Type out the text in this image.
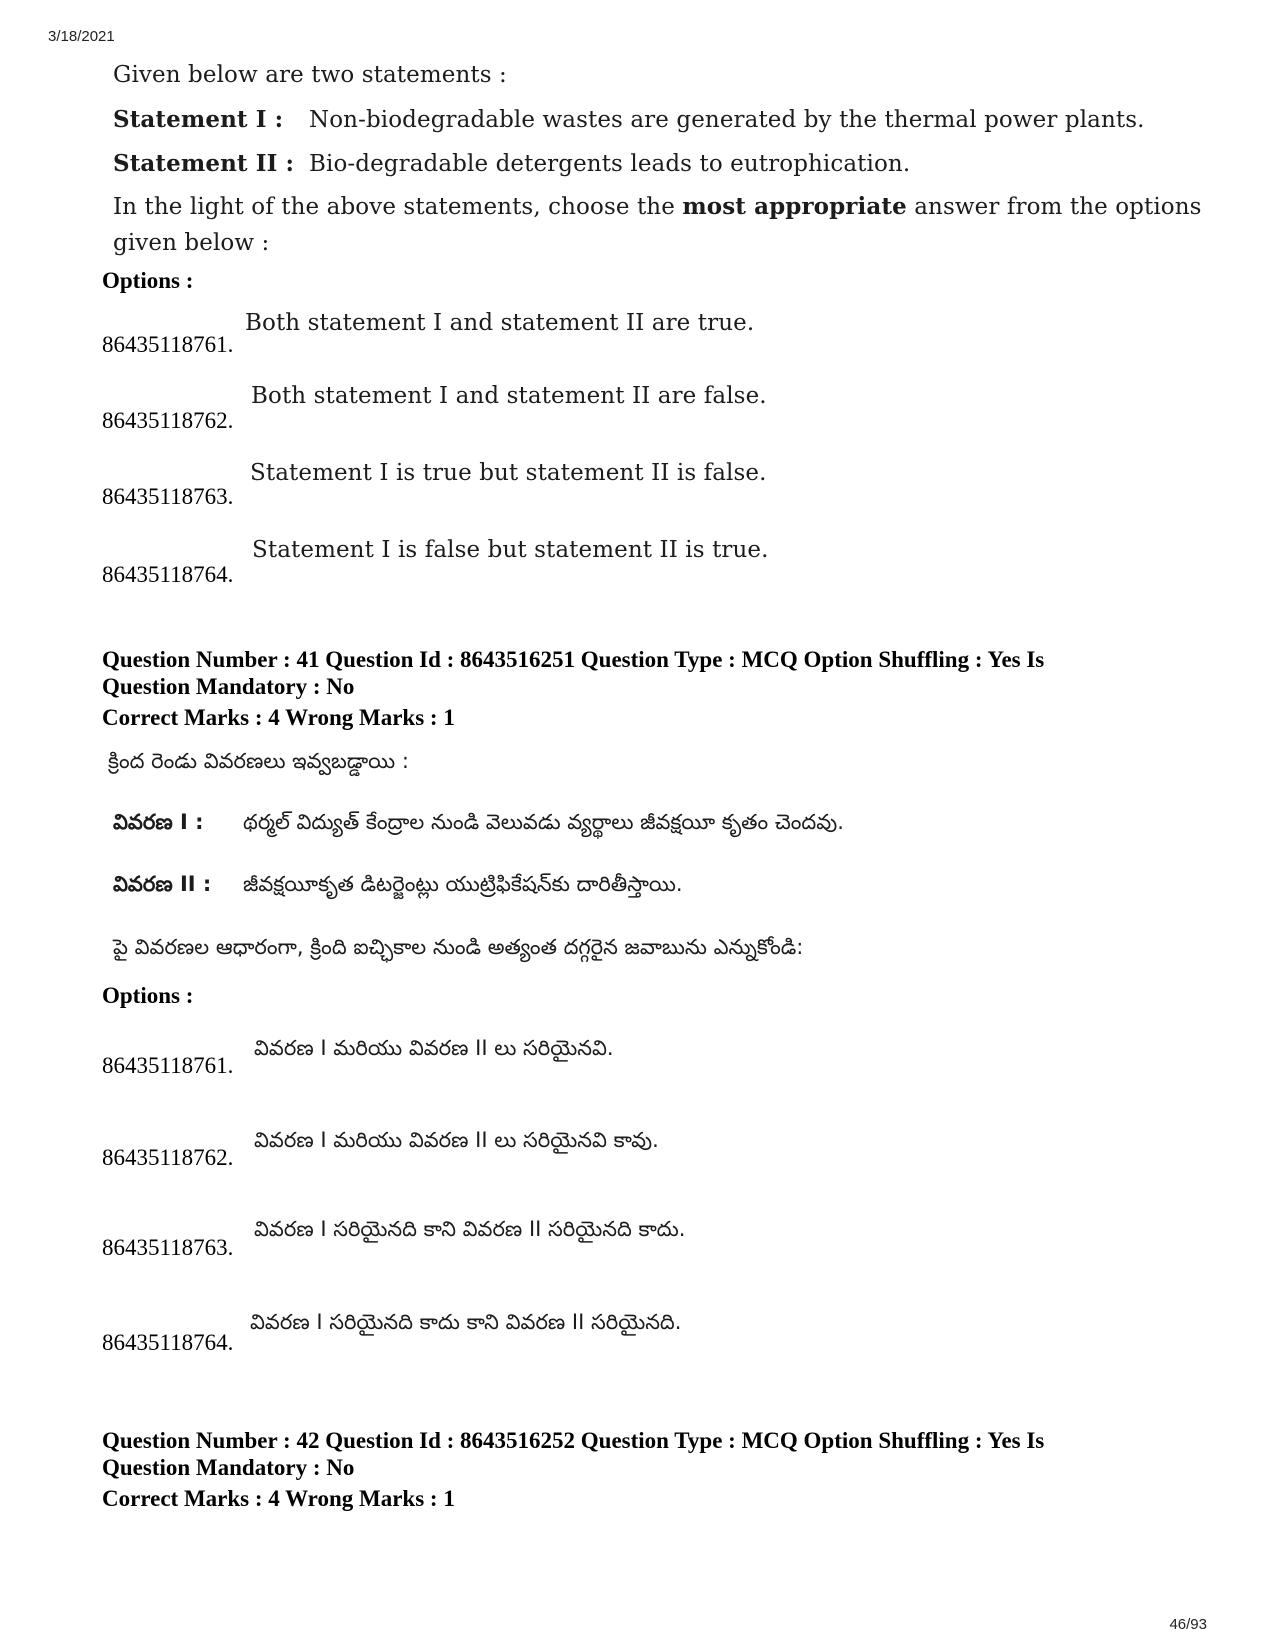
3/18/2021
Given below are two statements :
Statement I : Non-biodegradable wastes are generated by the thermal power plants.
Statement II : Bio-degradable detergents leads to eutrophication.
In the light of the above statements, choose the most appropriate answer from the options
given below :
Options :
86435118761.
Both statement I and statement II are true.
86435118762.
Both statement I and statement II are false.
86435118763.
Statement I is true but statement II is false.
86435118764.
Statement I is false but statement II is true.
Question Number : 41 Question Id : 8643516251 Question Type : MCQ Option Shuffling : Yes Is
Question Mandatory : No
Correct Marks : 4 Wrong Marks : 1
క్రింద రెండు వివరణలు ఇవ్వబడ్డాయి :
వివరణ I : థర్మల్ విద్యుత్ కేంద్రాల నుండి వెలువడు వ్యర్థాలు జీవక్షయీ కృతం చెందవు.
వివరణ II : జీవక్షయీకృత డిటర్జెంట్లు యుట్రిఫికేషన్‌కు దారితీస్తాయి.
పై వివరణల ఆధారంగా, క్రింది ఐచ్ఛికాల నుండి అత్యంత దగ్గరైన జవాబును ఎన్నుకోండి:
Options :
86435118761.
వివరణ I మరియు వివరణ II లు సరియైనవి.
86435118762.
వివరణ I మరియు వివరణ II లు సరియైనవి కావు.
86435118763.
వివరణ I సరియైనది కాని వివరణ II సరియైనది కాదు.
86435118764.
వివరణ I సరియైనది కాదు కాని వివరణ II సరియైనది.
Question Number : 42 Question Id : 8643516252 Question Type : MCQ Option Shuffling : Yes Is
Question Mandatory : No
Correct Marks : 4 Wrong Marks : 1
46/93
